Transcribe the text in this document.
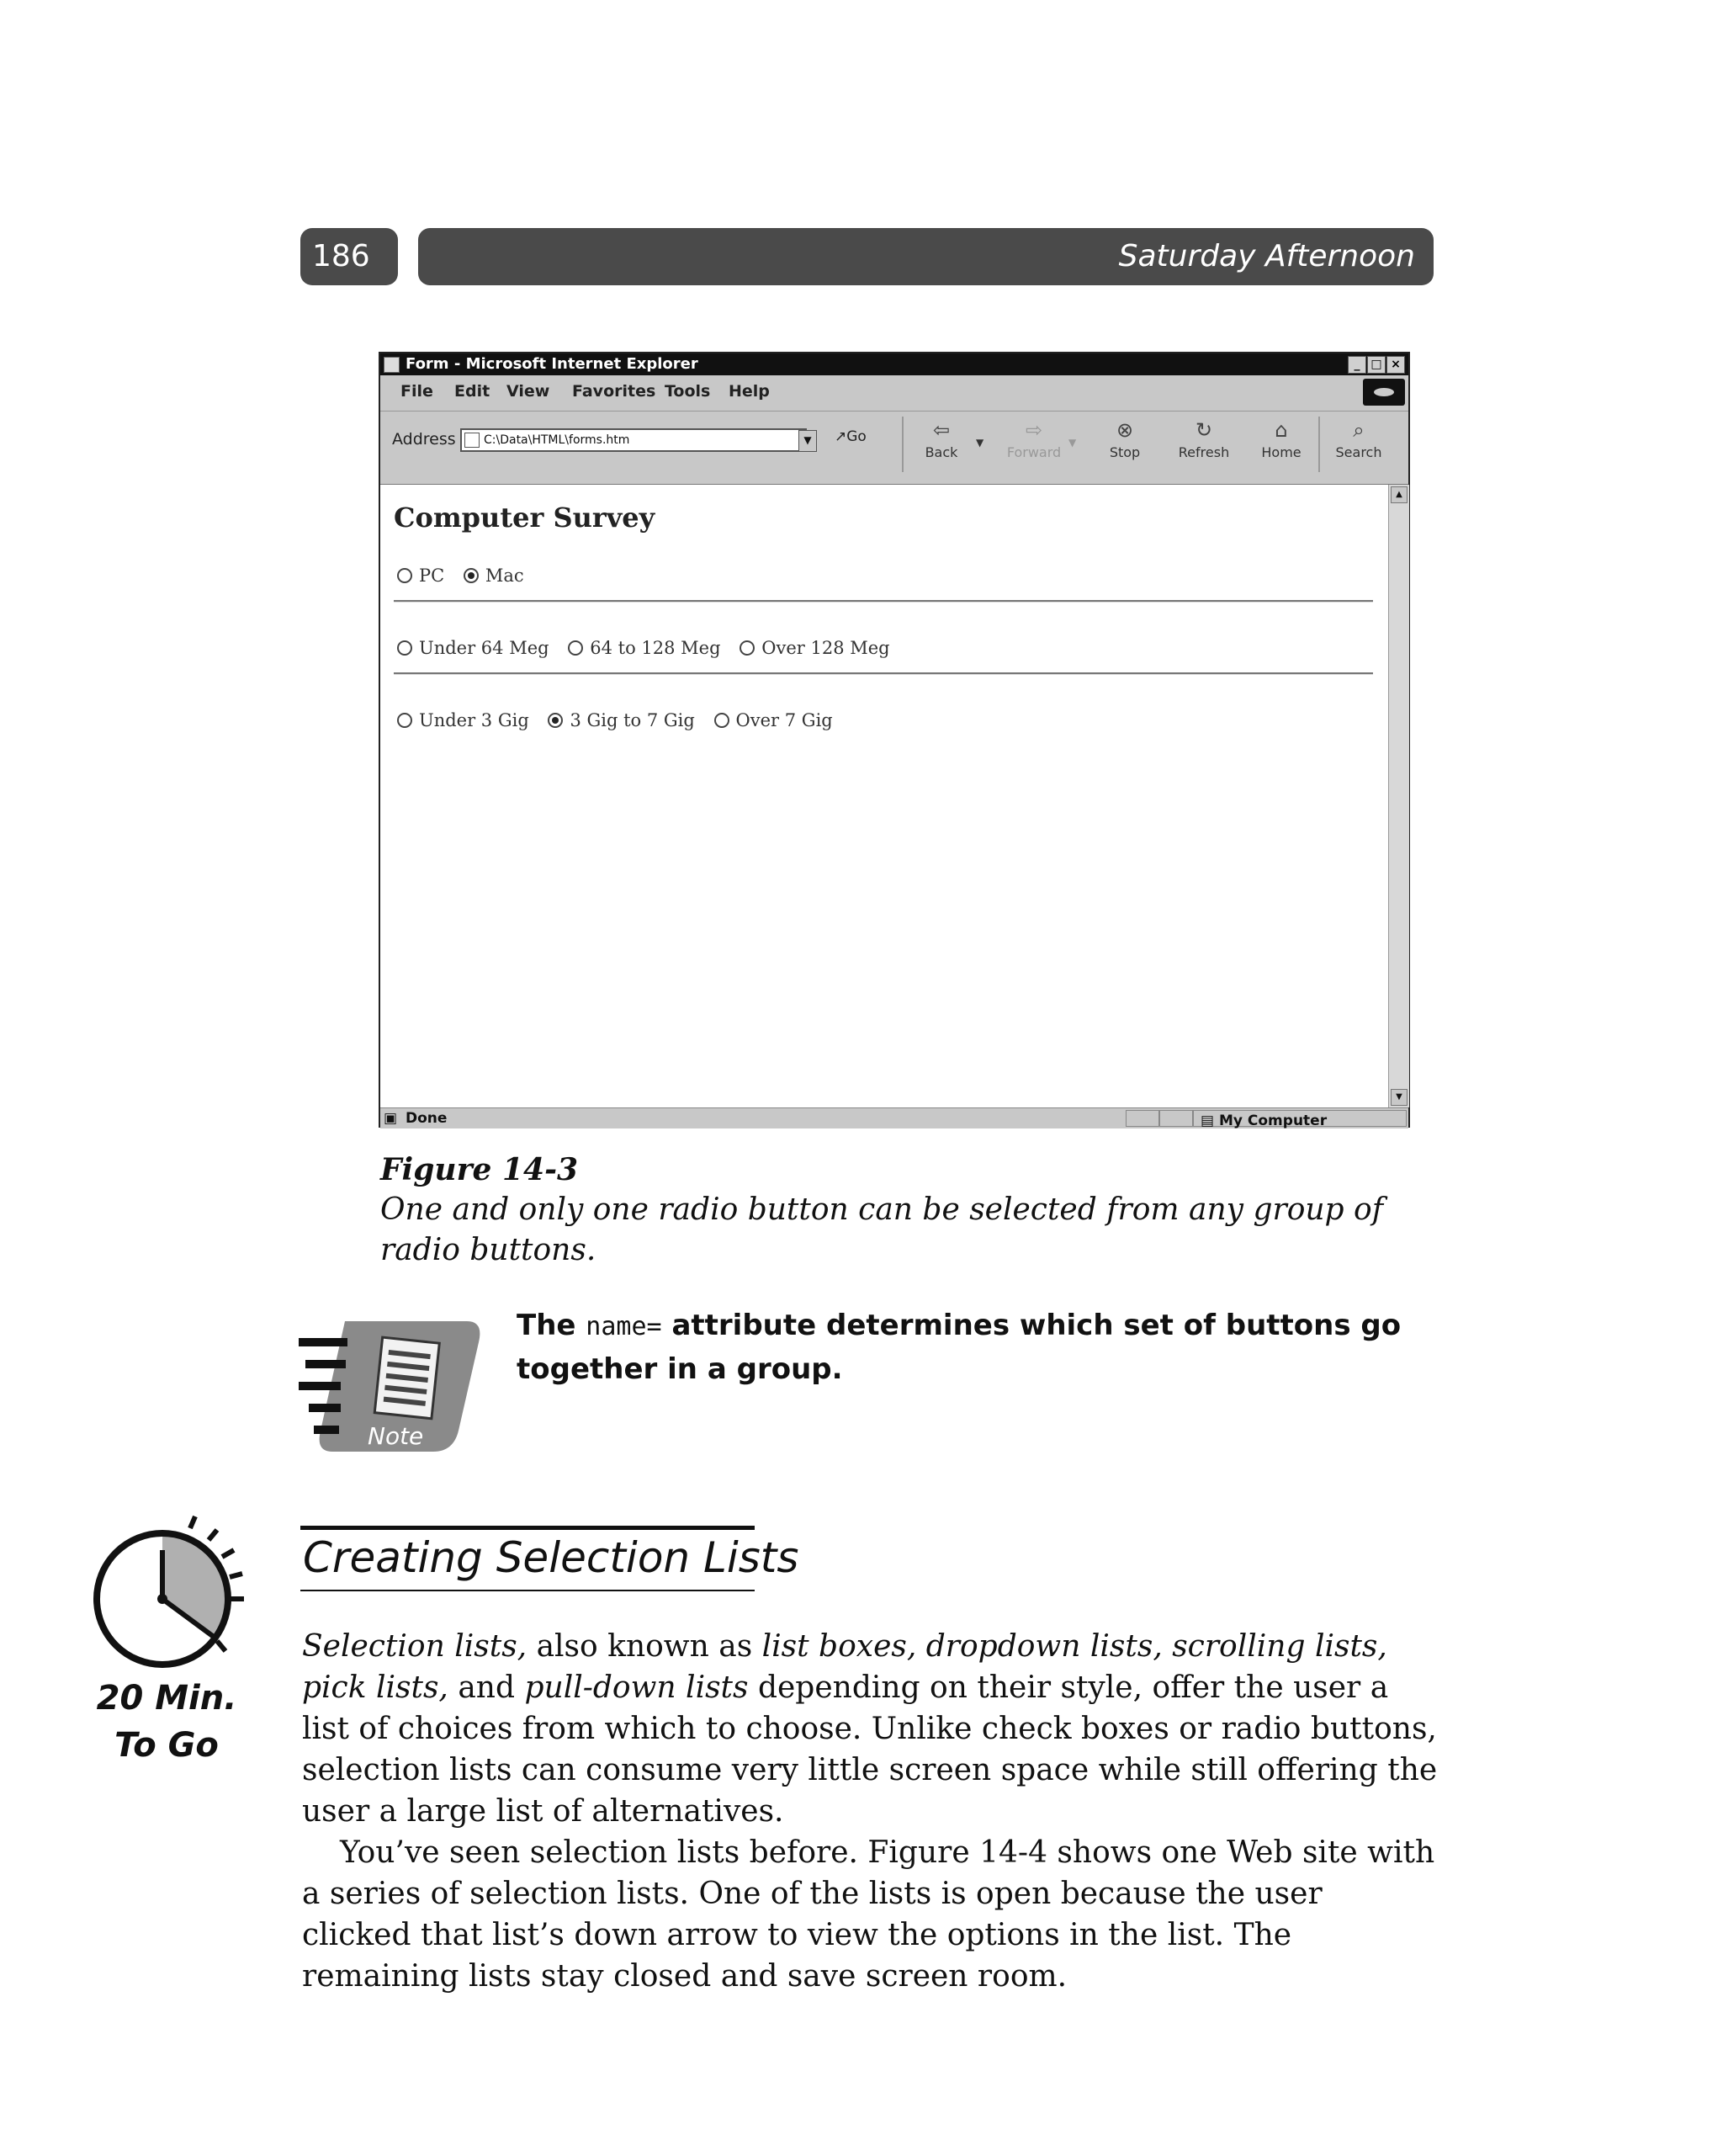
186	Saturday Afternoon
Form - Microsoft Internet Explorer	_ □ ×
File Edit View Favorites Tools Help
Address C:\Data\HTML\forms.htm	▼	↗Go	⇦
Back
▼
⇨
Forward
▼
⊗
Stop
↻
Refresh
⌂
Home
⌕
Search
Computer Survey
PC Mac
Under 64 Meg 64 to 128 Meg Over 128 Meg
Under 3 Gig 3 Gig to 7 Gig Over 7 Gig
▲
▼
▣ Done	▤ My Computer
Figure 14-3
One and only one radio button can be selected from any group of radio buttons.
Note
The name= attribute determines which set of buttons go together in a group.
20 Min.
To Go
Creating Selection Lists

Selection lists, also known as list boxes, dropdown lists, scrolling lists, pick lists, and pull-down lists depending on their style, offer the user a list of choices from which to choose. Unlike check boxes or radio buttons, selection lists can consume very little screen space while still offering the user a large list of alternatives.

You’ve seen selection lists before. Figure 14-4 shows one Web site with a series of selection lists. One of the lists is open because the user clicked that list’s down arrow to view the options in the list. The remaining lists stay closed and save screen room.
